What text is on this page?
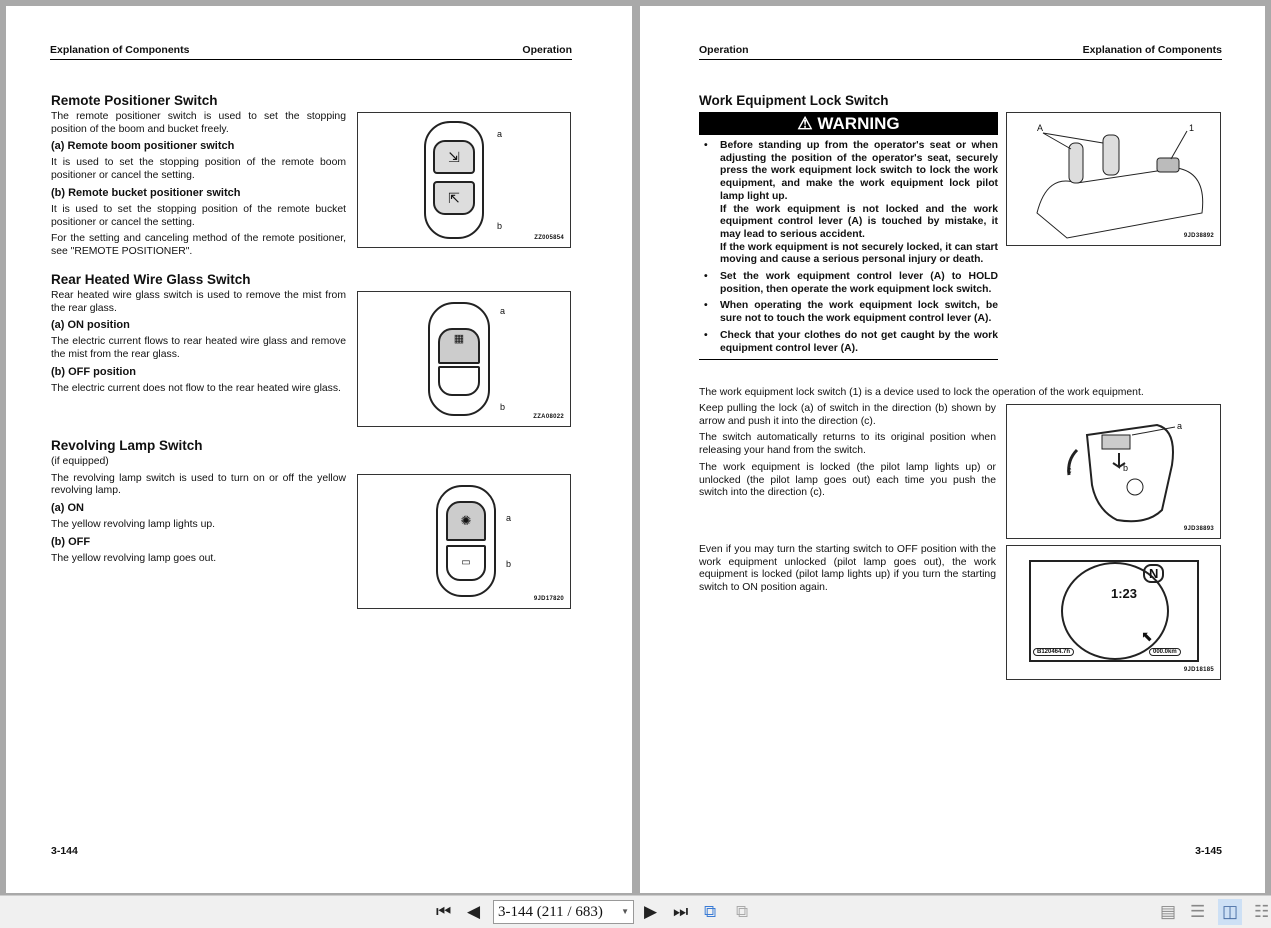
Explanation of Components	Operation
Remote Positioner Switch

The remote positioner switch is used to set the stopping position of the boom and bucket freely.

(a) Remote boom positioner switch

It is used to set the stopping position of the remote boom positioner or cancel the setting.

(b) Remote bucket positioner switch

It is used to set the stopping position of the remote bucket positioner or cancel the setting.

For the setting and canceling method of the remote positioner, see "REMOTE POSITIONER".

⇲
⇱
a
b
ZZ005854
Rear Heated Wire Glass Switch

Rear heated wire glass switch is used to remove the mist from the rear glass.

(a) ON position

The electric current flows to rear heated wire glass and remove the mist from the rear glass.

(b) OFF position

The electric current does not flow to the rear heated wire glass.

▦
a
b
ZZA08022
Revolving Lamp Switch

(if equipped)

The revolving lamp switch is used to turn on or off the yellow revolving lamp.

(a) ON

The yellow revolving lamp lights up.

(b) OFF

The yellow revolving lamp goes out.

✺
▭
a
b
9JD17820
3-144
Operation	Explanation of Components
Work Equipment Lock Switch
⚠ WARNING
• Before standing up from the operator's seat or when adjusting the position of the operator's seat, securely press the work equipment lock switch to lock the work equipment, and make the work equipment lock pilot lamp light up.
If the work equipment is not locked and the work equipment control lever (A) is touched by mistake, it may lead to serious accident.
If the work equipment is not securely locked, it can start moving and cause a serious personal injury or death.
• Set the work equipment control lever (A) to HOLD position, then operate the work equipment lock switch.
• When operating the work equipment lock switch, be sure not to touch the work equipment control lever (A).
• Check that your clothes do not get caught by the work equipment control lever (A).
A	1
9JD38892

The work equipment lock switch (1) is a device used to lock the operation of the work equipment.

Keep pulling the lock (a) of switch in the direction (b) shown by arrow and push it into the direction (c).

The switch automatically returns to its original position when releasing your hand from the switch.

The work equipment is locked (the pilot lamp lights up) or unlocked (the pilot lamp goes out) each time you push the switch into the direction (c).

a
b
c
9JD38893

Even if you may turn the starting switch to OFF position with the work equipment unlocked (pilot lamp goes out), the work equipment is locked (pilot lamp lights up) if you turn the starting switch to ON position again.

N
1:23
B120464.7h	000.0km
⬉
9JD18185
3-145
⏮ ◀	3-144 (211 / 683) ▼ ▶ ⏭ ⧉ ⧉	▤ ☰ ◫ ☷
